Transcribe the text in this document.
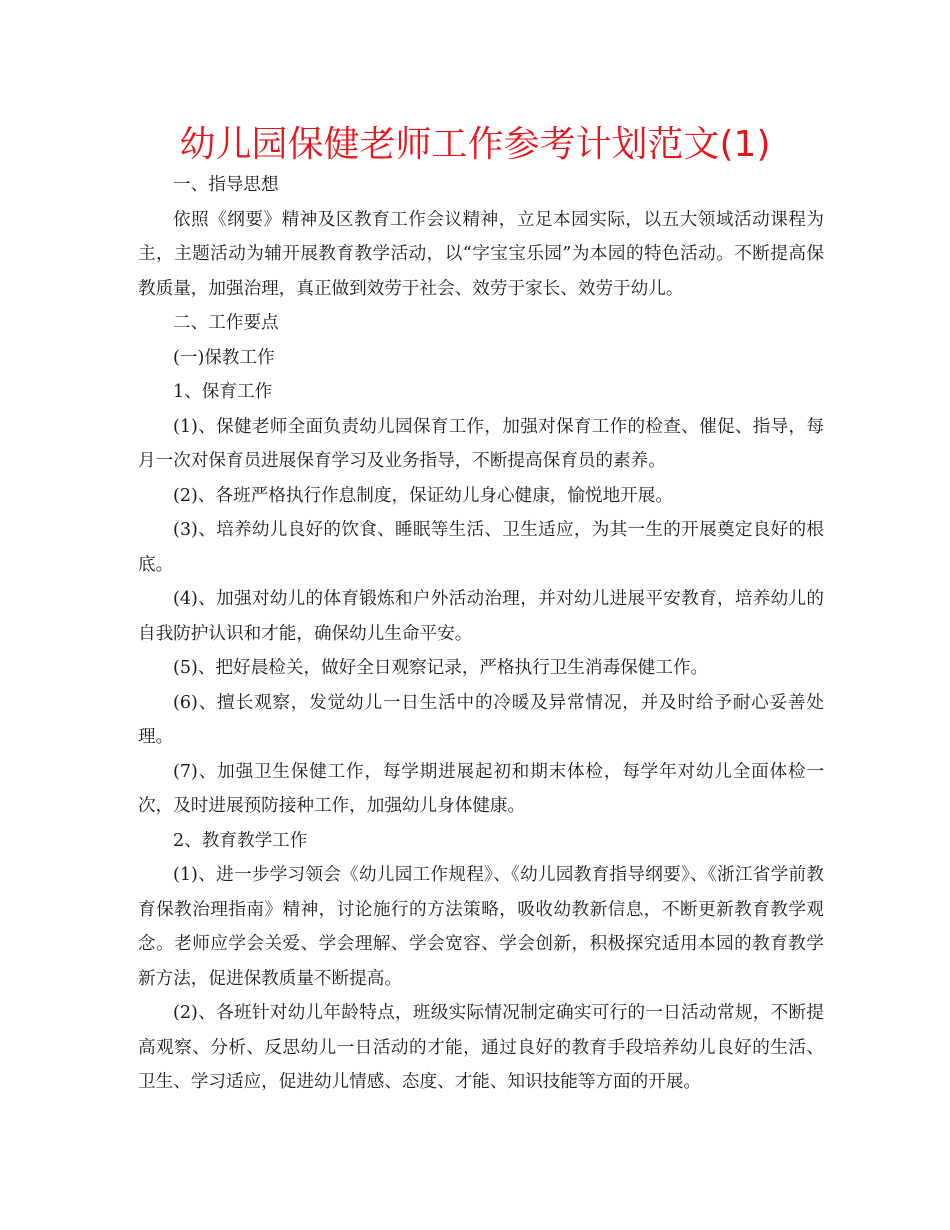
幼儿园保健老师工作参考计划范文(1)

一、指导思想

依照《纲要》精神及区教育工作会议精神，立足本园实际，以五大领域活动课程为主，主题活动为辅开展教育教学活动，以“字宝宝乐园”为本园的特色活动。不断提高保教质量，加强治理，真正做到效劳于社会、效劳于家长、效劳于幼儿。

二、工作要点

(一)保教工作

1、保育工作

(1)、保健老师全面负责幼儿园保育工作，加强对保育工作的检查、催促、指导，每月一次对保育员进展保育学习及业务指导，不断提高保育员的素养。

(2)、各班严格执行作息制度，保证幼儿身心健康，愉悦地开展。

(3)、培养幼儿良好的饮食、睡眠等生活、卫生适应，为其一生的开展奠定良好的根底。

(4)、加强对幼儿的体育锻炼和户外活动治理，并对幼儿进展平安教育，培养幼儿的自我防护认识和才能，确保幼儿生命平安。

(5)、把好晨检关，做好全日观察记录，严格执行卫生消毒保健工作。

(6)、擅长观察，发觉幼儿一日生活中的冷暖及异常情况，并及时给予耐心妥善处理。

(7)、加强卫生保健工作，每学期进展起初和期末体检，每学年对幼儿全面体检一次，及时进展预防接种工作，加强幼儿身体健康。

2、教育教学工作

(1)、进一步学习领会《幼儿园工作规程》、《幼儿园教育指导纲要》、《浙江省学前教育保教治理指南》精神，讨论施行的方法策略，吸收幼教新信息，不断更新教育教学观念。老师应学会关爱、学会理解、学会宽容、学会创新，积极探究适用本园的教育教学新方法，促进保教质量不断提高。

(2)、各班针对幼儿年龄特点，班级实际情况制定确实可行的一日活动常规，不断提高观察、分析、反思幼儿一日活动的才能，通过良好的教育手段培养幼儿良好的生活、卫生、学习适应，促进幼儿情感、态度、才能、知识技能等方面的开展。
